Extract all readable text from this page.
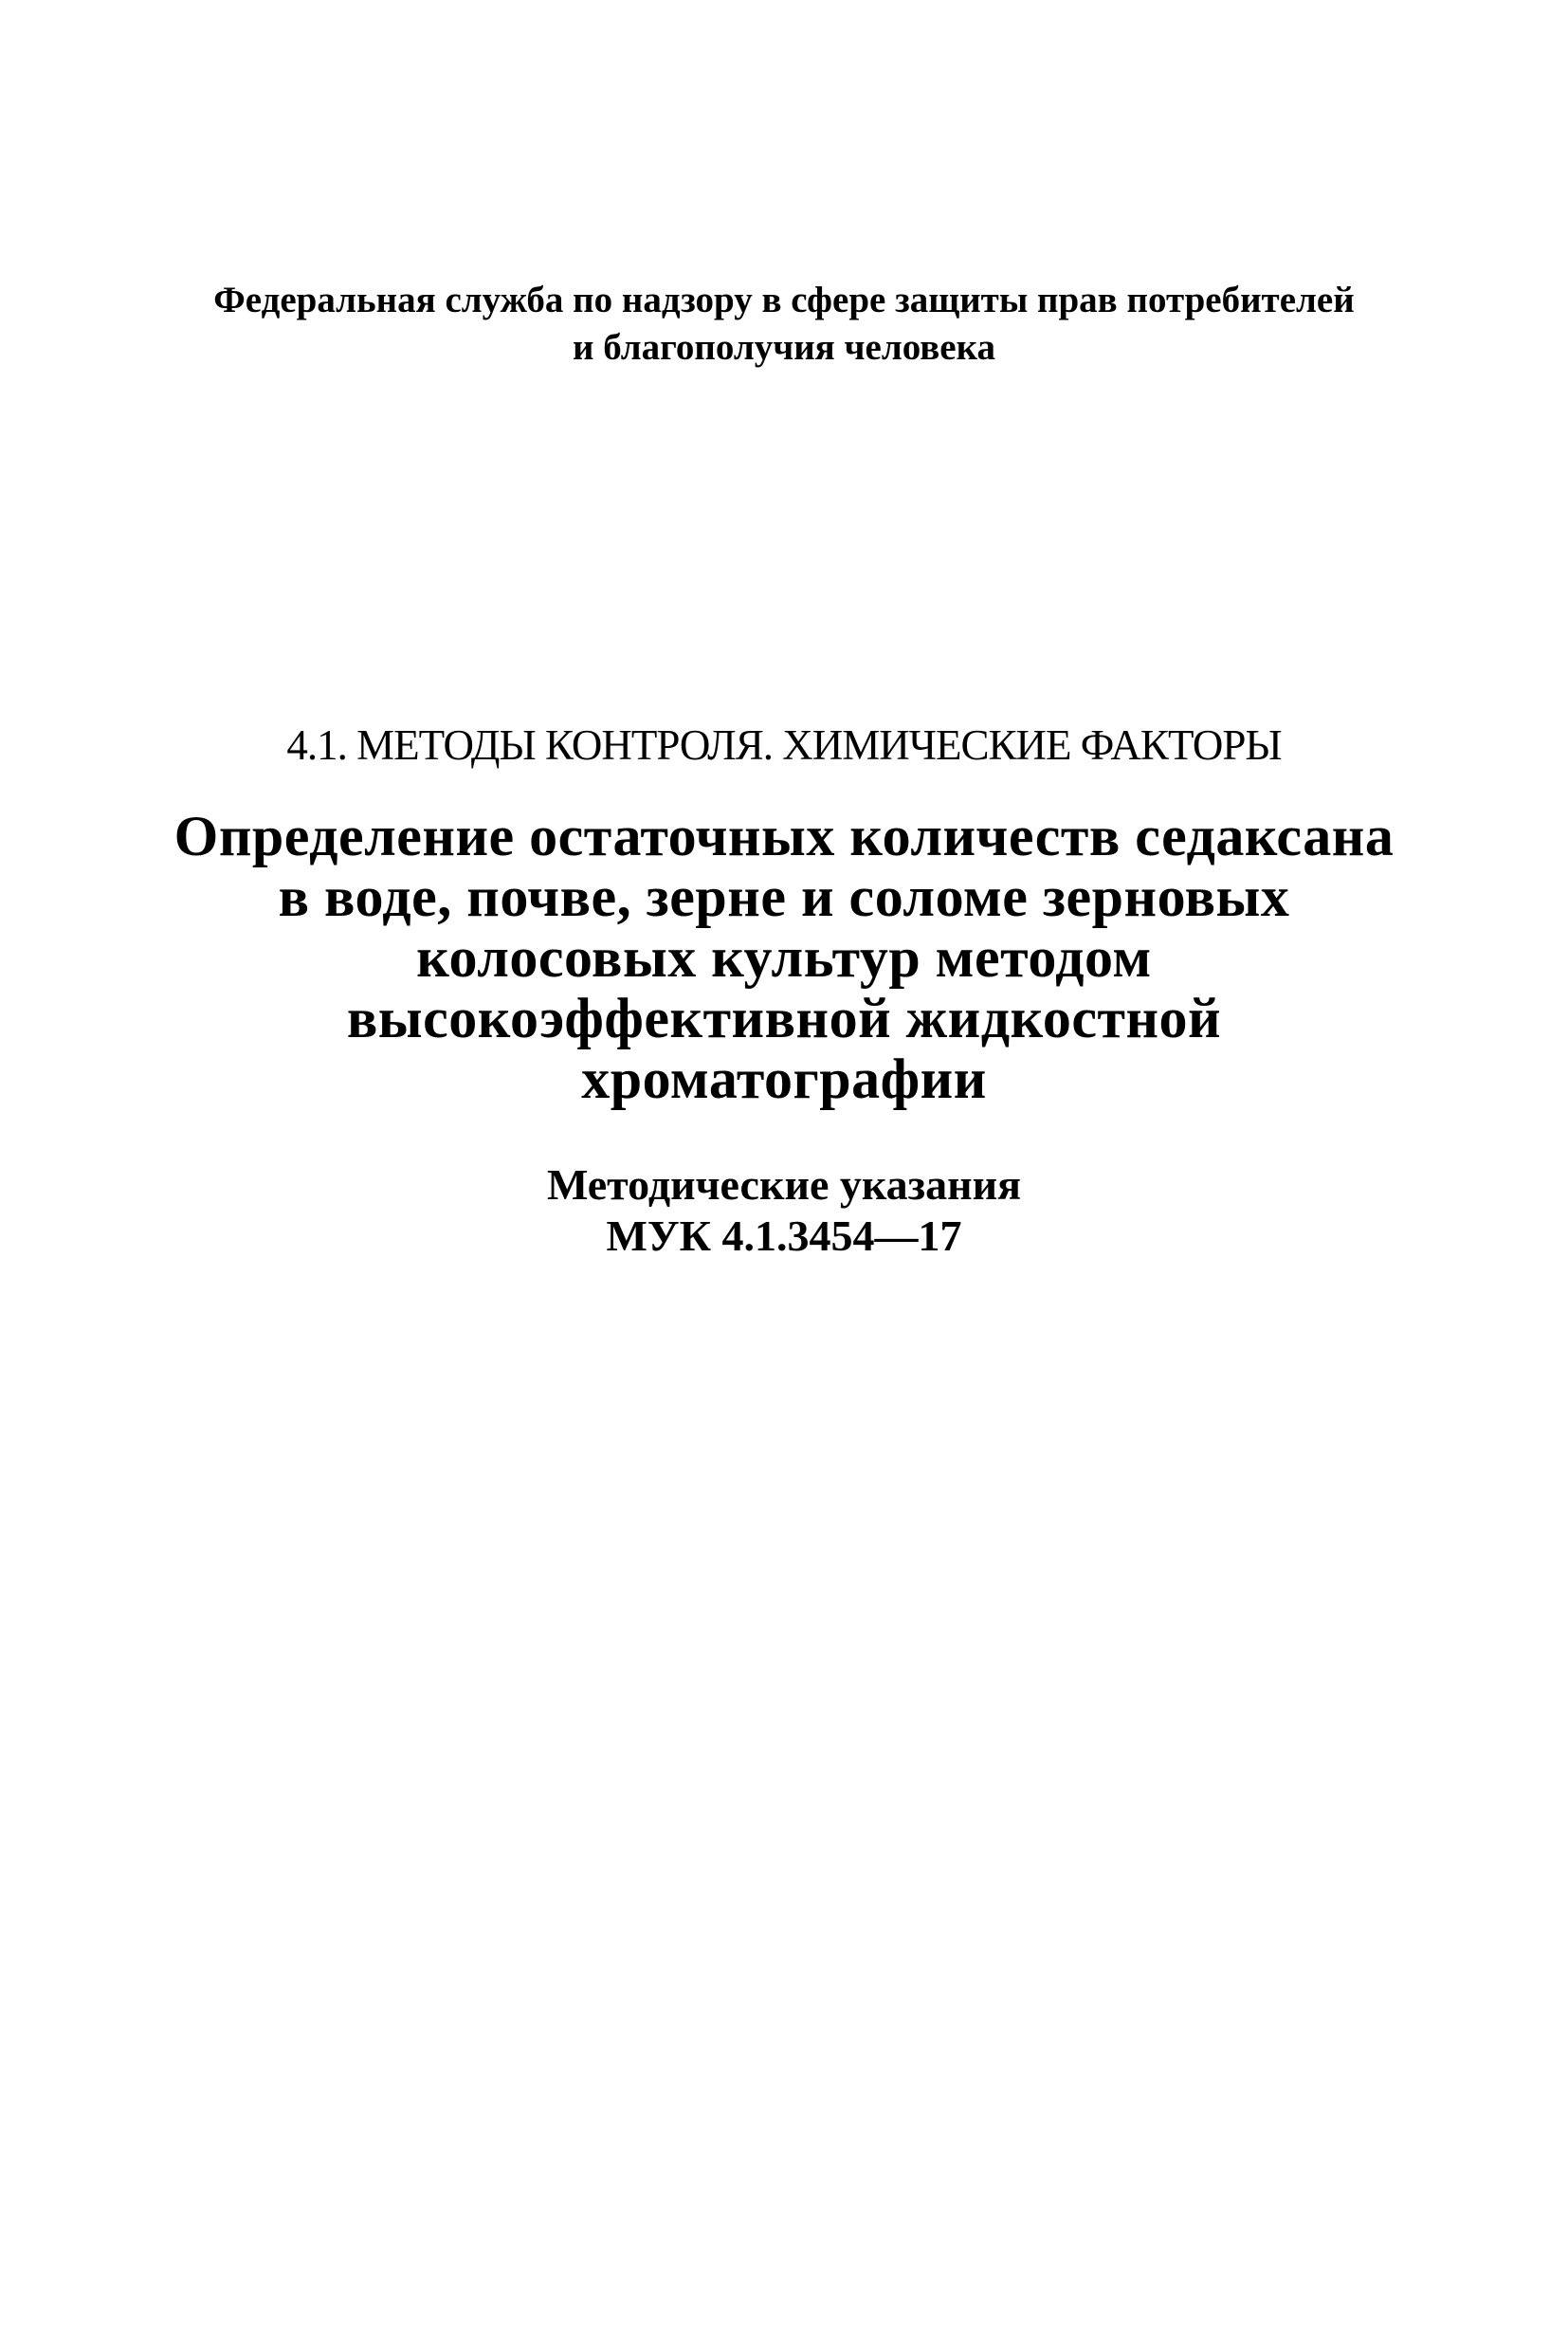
Федеральная служба по надзору в сфере защиты прав потребителей
и благополучия человека
4.1. МЕТОДЫ КОНТРОЛЯ. ХИМИЧЕСКИЕ ФАКТОРЫ
Определение остаточных количеств седаксана
в воде, почве, зерне и соломе зерновых
колосовых культур методом
высокоэффективной жидкостной
хроматографии
Методические указания
МУК 4.1.3454—17
